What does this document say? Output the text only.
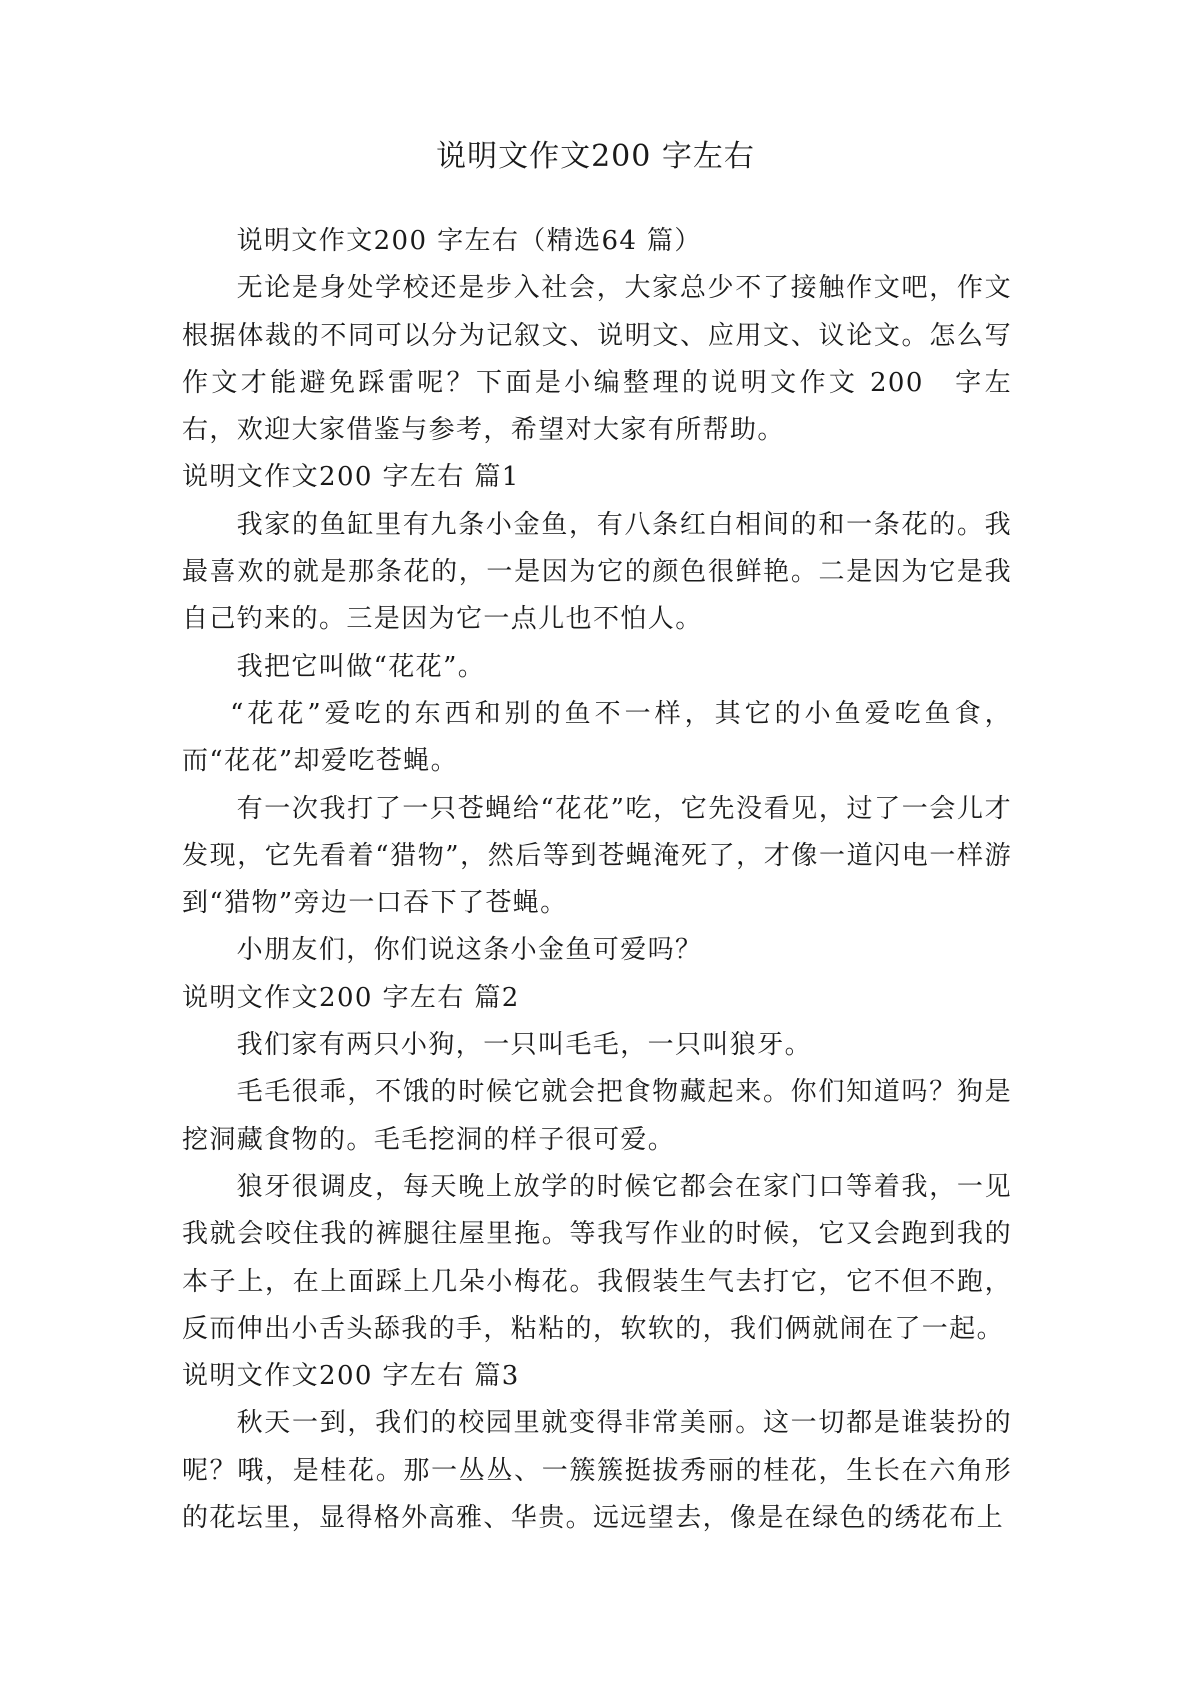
说明文作文200 字左右

说明文作文200 字左右（精选64 篇）

无论是身处学校还是步入社会，大家总少不了接触作文吧，作文根据体裁的不同可以分为记叙文、说明文、应用文、议论文。怎么写作文才能避免踩雷呢？下面是小编整理的说明文作文 200　字左右，欢迎大家借鉴与参考，希望对大家有所帮助。

说明文作文200 字左右 篇1

我家的鱼缸里有九条小金鱼，有八条红白相间的和一条花的。我最喜欢的就是那条花的，一是因为它的颜色很鲜艳。二是因为它是我自己钓来的。三是因为它一点儿也不怕人。

我把它叫做“花花”。

“花花”爱吃的东西和别的鱼不一样，其它的小鱼爱吃鱼食，而“花花”却爱吃苍蝇。

有一次我打了一只苍蝇给“花花”吃，它先没看见，过了一会儿才发现，它先看着“猎物”，然后等到苍蝇淹死了，才像一道闪电一样游到“猎物”旁边一口吞下了苍蝇。

小朋友们，你们说这条小金鱼可爱吗？

说明文作文200 字左右 篇2

我们家有两只小狗，一只叫毛毛，一只叫狼牙。

毛毛很乖，不饿的时候它就会把食物藏起来。你们知道吗？狗是挖洞藏食物的。毛毛挖洞的样子很可爱。

狼牙很调皮，每天晚上放学的时候它都会在家门口等着我，一见我就会咬住我的裤腿往屋里拖。等我写作业的时候，它又会跑到我的本子上，在上面踩上几朵小梅花。我假装生气去打它，它不但不跑，反而伸出小舌头舔我的手，粘粘的，软软的，我们俩就闹在了一起。

说明文作文200 字左右 篇3

秋天一到，我们的校园里就变得非常美丽。这一切都是谁装扮的呢？哦，是桂花。那一丛丛、一簇簇挺拔秀丽的桂花，生长在六角形的花坛里，显得格外高雅、华贵。远远望去，像是在绿色的绣花布上
